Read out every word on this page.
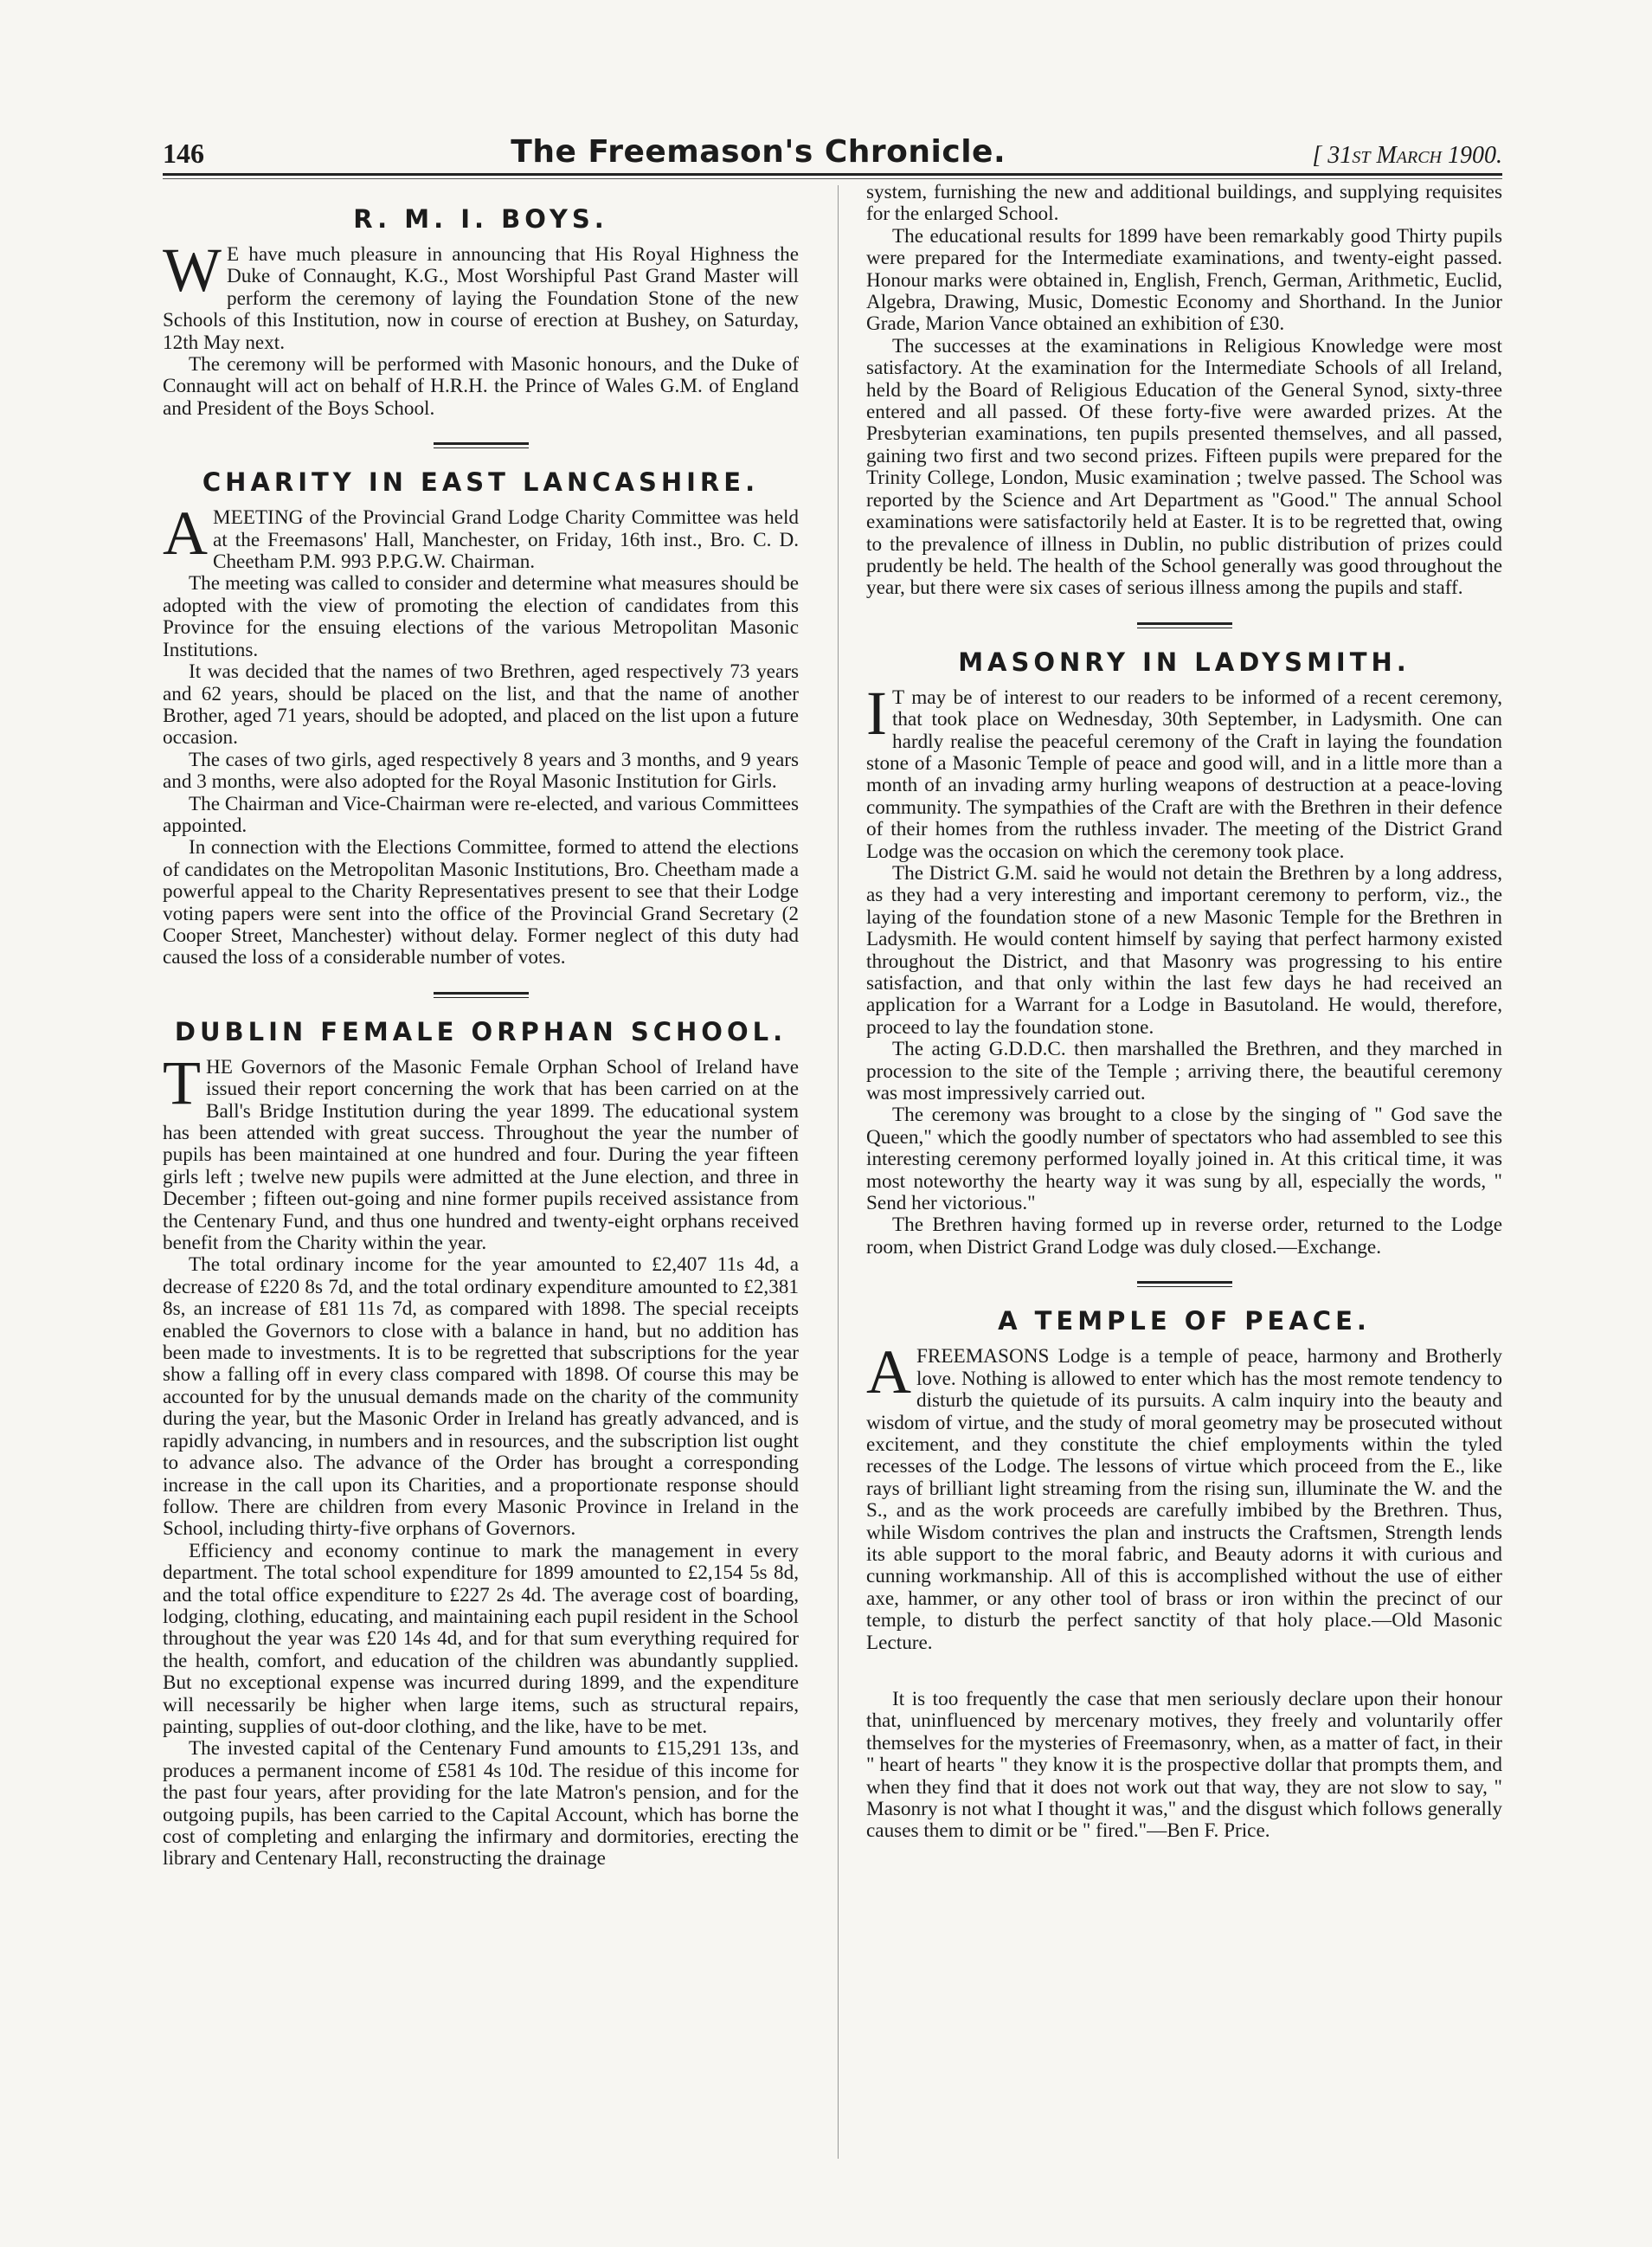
146	The Freemason's Chronicle.	[ 31st March 1900.
R. M. I. BOYS.

W E have much pleasure in announcing that His Royal Highness the Duke of Connaught, K.G., Most Worshipful Past Grand Master will perform the ceremony of laying the Foundation Stone of the new Schools of this Institution, now in course of erection at Bushey, on Saturday, 12th May next.

The ceremony will be performed with Masonic honours, and the Duke of Connaught will act on behalf of H.R.H. the Prince of Wales G.M. of England and President of the Boys School.

CHARITY IN EAST LANCASHIRE.

AMEETING of the Provincial Grand Lodge Charity Committee was held at the Freemasons' Hall, Manchester, on Friday, 16th inst., Bro. C. D. Cheetham P.M. 993 P.P.G.W. Chairman.

The meeting was called to consider and determine what measures should be adopted with the view of promoting the election of candidates from this Province for the ensuing elections of the various Metropolitan Masonic Institutions.

It was decided that the names of two Brethren, aged respectively 73 years and 62 years, should be placed on the list, and that the name of another Brother, aged 71 years, should be adopted, and placed on the list upon a future occasion.

The cases of two girls, aged respectively 8 years and 3 months, and 9 years and 3 months, were also adopted for the Royal Masonic Institution for Girls.

The Chairman and Vice-Chairman were re-elected, and various Committees appointed.

In connection with the Elections Committee, formed to attend the elections of candidates on the Metropolitan Masonic Institutions, Bro. Cheetham made a powerful appeal to the Charity Representatives present to see that their Lodge voting papers were sent into the office of the Provincial Grand Secretary (2 Cooper Street, Manchester) without delay. Former neglect of this duty had caused the loss of a considerable number of votes.

DUBLIN FEMALE ORPHAN SCHOOL.

THE Governors of the Masonic Female Orphan School of Ireland have issued their report concerning the work that has been carried on at the Ball's Bridge Institution during the year 1899. The educational system has been attended with great success. Throughout the year the number of pupils has been maintained at one hundred and four. During the year fifteen girls left ; twelve new pupils were admitted at the June election, and three in December ; fifteen out-going and nine former pupils received assistance from the Centenary Fund, and thus one hundred and twenty-eight orphans received benefit from the Charity within the year.

The total ordinary income for the year amounted to £2,407 11s 4d, a decrease of £220 8s 7d, and the total ordinary expenditure amounted to £2,381 8s, an increase of £81 11s 7d, as compared with 1898. The special receipts enabled the Governors to close with a balance in hand, but no addition has been made to investments. It is to be regretted that subscriptions for the year show a falling off in every class compared with 1898. Of course this may be accounted for by the unusual demands made on the charity of the community during the year, but the Masonic Order in Ireland has greatly advanced, and is rapidly advancing, in numbers and in resources, and the subscription list ought to advance also. The advance of the Order has brought a corresponding increase in the call upon its Charities, and a proportionate response should follow. There are children from every Masonic Province in Ireland in the School, including thirty-five orphans of Governors.

Efficiency and economy continue to mark the management in every department. The total school expenditure for 1899 amounted to £2,154 5s 8d, and the total office expenditure to £227 2s 4d. The average cost of boarding, lodging, clothing, educating, and maintaining each pupil resident in the School throughout the year was £20 14s 4d, and for that sum everything required for the health, comfort, and education of the children was abundantly supplied. But no exceptional expense was incurred during 1899, and the expenditure will necessarily be higher when large items, such as structural repairs, painting, supplies of out-door clothing, and the like, have to be met.

The invested capital of the Centenary Fund amounts to £15,291 13s, and produces a permanent income of £581 4s 10d. The residue of this income for the past four years, after providing for the late Matron's pension, and for the outgoing pupils, has been carried to the Capital Account, which has borne the cost of completing and enlarging the infirmary and dormitories, erecting the library and Centenary Hall, reconstructing the drainage

system, furnishing the new and additional buildings, and supplying requisites for the enlarged School.

The educational results for 1899 have been remarkably good Thirty pupils were prepared for the Intermediate examinations, and twenty-eight passed. Honour marks were obtained in, English, French, German, Arithmetic, Euclid, Algebra, Drawing, Music, Domestic Economy and Shorthand. In the Junior Grade, Marion Vance obtained an exhibition of £30.

The successes at the examinations in Religious Knowledge were most satisfactory. At the examination for the Intermediate Schools of all Ireland, held by the Board of Religious Education of the General Synod, sixty-three entered and all passed. Of these forty-five were awarded prizes. At the Presbyterian examinations, ten pupils presented themselves, and all passed, gaining two first and two second prizes. Fifteen pupils were prepared for the Trinity College, London, Music examination ; twelve passed. The School was reported by the Science and Art Department as "Good." The annual School examinations were satisfactorily held at Easter. It is to be regretted that, owing to the prevalence of illness in Dublin, no public distribution of prizes could prudently be held. The health of the School generally was good throughout the year, but there were six cases of serious illness among the pupils and staff.

MASONRY IN LADYSMITH.

I T may be of interest to our readers to be informed of a recent ceremony, that took place on Wednesday, 30th September, in Ladysmith. One can hardly realise the peaceful ceremony of the Craft in laying the foundation stone of a Masonic Temple of peace and good will, and in a little more than a month of an invading army hurling weapons of destruction at a peace-loving community. The sympathies of the Craft are with the Brethren in their defence of their homes from the ruthless invader. The meeting of the District Grand Lodge was the occasion on which the ceremony took place.

The District G.M. said he would not detain the Brethren by a long address, as they had a very interesting and important ceremony to perform, viz., the laying of the foundation stone of a new Masonic Temple for the Brethren in Ladysmith. He would content himself by saying that perfect harmony existed throughout the District, and that Masonry was progressing to his entire satisfaction, and that only within the last few days he had received an application for a Warrant for a Lodge in Basutoland. He would, therefore, proceed to lay the foundation stone.

The acting G.D.D.C. then marshalled the Brethren, and they marched in procession to the site of the Temple ; arriving there, the beautiful ceremony was most impressively carried out.

The ceremony was brought to a close by the singing of " God save the Queen," which the goodly number of spectators who had assembled to see this interesting ceremony performed loyally joined in. At this critical time, it was most noteworthy the hearty way it was sung by all, especially the words, " Send her victorious."

The Brethren having formed up in reverse order, returned to the Lodge room, when District Grand Lodge was duly closed.—Exchange.

A TEMPLE OF PEACE.

AFREEMASONS Lodge is a temple of peace, harmony and Brotherly love. Nothing is allowed to enter which has the most remote tendency to disturb the quietude of its pursuits. A calm inquiry into the beauty and wisdom of virtue, and the study of moral geometry may be prosecuted without excitement, and they constitute the chief employments within the tyled recesses of the Lodge. The lessons of virtue which proceed from the E., like rays of brilliant light streaming from the rising sun, illuminate the W. and the S., and as the work proceeds are carefully imbibed by the Brethren. Thus, while Wisdom contrives the plan and instructs the Craftsmen, Strength lends its able support to the moral fabric, and Beauty adorns it with curious and cunning workmanship. All of this is accomplished without the use of either axe, hammer, or any other tool of brass or iron within the precinct of our temple, to disturb the perfect sanctity of that holy place.—Old Masonic Lecture.

It is too frequently the case that men seriously declare upon their honour that, uninfluenced by mercenary motives, they freely and voluntarily offer themselves for the mysteries of Freemasonry, when, as a matter of fact, in their " heart of hearts " they know it is the prospective dollar that prompts them, and when they find that it does not work out that way, they are not slow to say, " Masonry is not what I thought it was," and the disgust which follows generally causes them to dimit or be " fired."—Ben F. Price.
